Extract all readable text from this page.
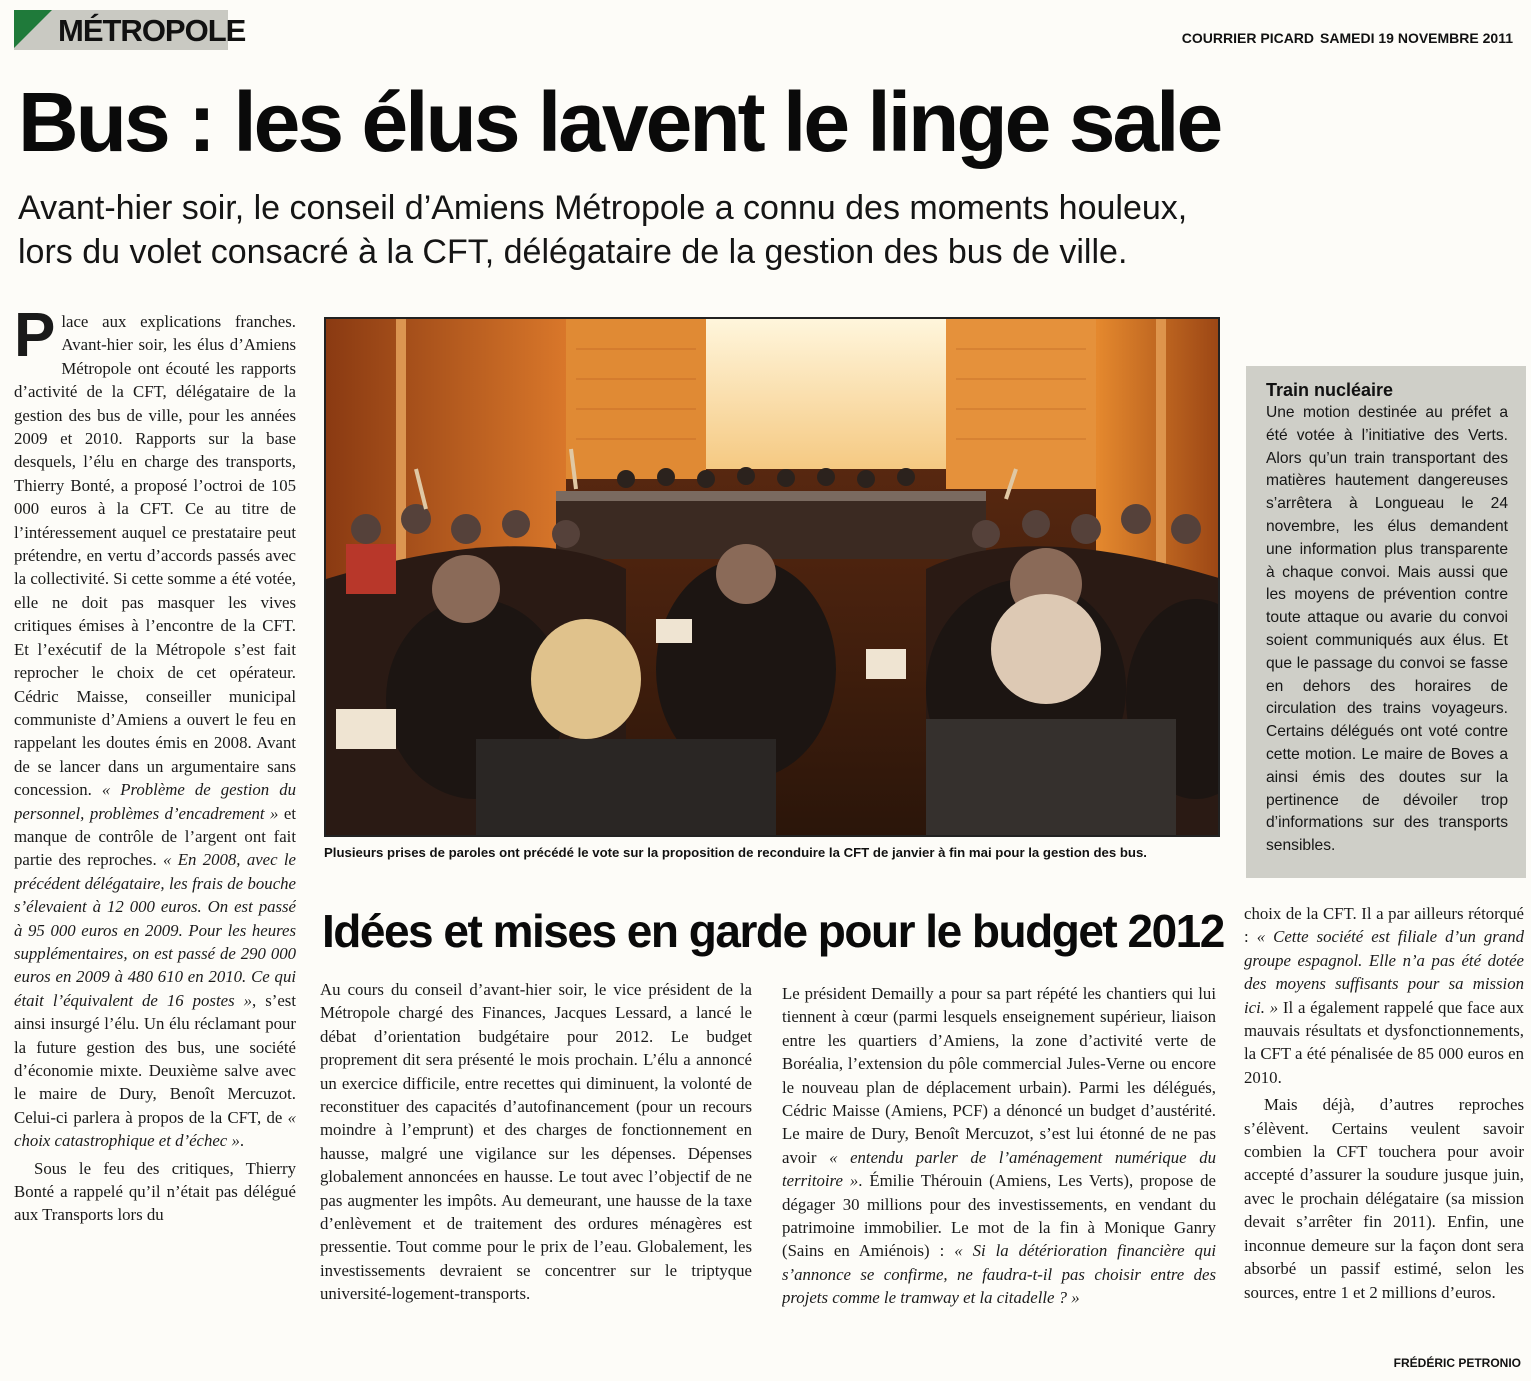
MÉTROPOLE	COURRIER PICARD SAMEDI 19 NOVEMBRE 2011
Bus : les élus lavent le linge sale
Avant-hier soir, le conseil d’Amiens Métropole a connu des moments houleux,
lors du volet consacré à la CFT, délégataire de la gestion des bus de ville.

Place aux explications franches. Avant-hier soir, les élus d’Amiens Métropole ont écouté les rapports d’activité de la CFT, délégataire de la gestion des bus de ville, pour les années 2009 et 2010. Rapports sur la base desquels, l’élu en charge des transports, Thierry Bonté, a proposé l’octroi de 105 000 euros à la CFT. Ce au titre de l’intéressement auquel ce prestataire peut prétendre, en vertu d’accords passés avec la collectivité. Si cette somme a été votée, elle ne doit pas masquer les vives critiques émises à l’encontre de la CFT. Et l’exécutif de la Métropole s’est fait reprocher le choix de cet opérateur. Cédric Maisse, conseiller municipal communiste d’Amiens a ouvert le feu en rappelant les doutes émis en 2008. Avant de se lancer dans un argumentaire sans concession. « Problème de gestion du personnel, problèmes d’encadrement » et manque de contrôle de l’argent ont fait partie des reproches. « En 2008, avec le précédent délégataire, les frais de bouche s’élevaient à 12 000 euros. On est passé à 95 000 euros en 2009. Pour les heures supplémentaires, on est passé de 290 000 euros en 2009 à 480 610 en 2010. Ce qui était l’équivalent de 16 postes », s’est ainsi insurgé l’élu. Un élu réclamant pour la future gestion des bus, une société d’économie mixte. Deuxième salve avec le maire de Dury, Benoît Mercuzot. Celui-ci parlera à propos de la CFT, de « choix catastrophique et d’échec ».

Sous le feu des critiques, Thierry Bonté a rappelé qu’il n’était pas délégué aux Transports lors du

Plusieurs prises de paroles ont précédé le vote sur la proposition de reconduire la CFT de janvier à fin mai pour la gestion des bus.
Train nucléaire
Une motion destinée au préfet a été votée à l’initiative des Verts. Alors qu’un train transportant des matières hautement dangereuses s’arrêtera à Longueau le 24 novembre, les élus demandent une information plus transparente à chaque convoi. Mais aussi que les moyens de prévention contre toute attaque ou avarie du convoi soient communiqués aux élus. Et que le passage du convoi se fasse en dehors des horaires de circulation des trains voyageurs. Certains délégués ont voté contre cette motion. Le maire de Boves a ainsi émis des doutes sur la pertinence de dévoiler trop d’informations sur des transports sensibles.
Idées et mises en garde pour le budget 2012

Au cours du conseil d’avant-hier soir, le vice président de la Métropole chargé des Finances, Jacques Lessard, a lancé le débat d’orientation budgétaire pour 2012. Le budget proprement dit sera présenté le mois prochain. L’élu a annoncé un exercice difficile, entre recettes qui diminuent, la volonté de reconstituer des capacités d’autofinancement (pour un recours moindre à l’emprunt) et des charges de fonctionnement en hausse, malgré une vigilance sur les dépenses. Dépenses globalement annoncées en hausse. Le tout avec l’objectif de ne pas augmenter les impôts. Au demeurant, une hausse de la taxe d’enlèvement et de traitement des ordures ménagères est pressentie. Tout comme pour le prix de l’eau. Globalement, les investissements devraient se concentrer sur le triptyque université-logement-transports.

Le président Demailly a pour sa part répété les chantiers qui lui tiennent à cœur (parmi lesquels enseignement supérieur, liaison entre les quartiers d’Amiens, la zone d’activité verte de Boréalia, l’extension du pôle commercial Jules-Verne ou encore le nouveau plan de déplacement urbain). Parmi les délégués, Cédric Maisse (Amiens, PCF) a dénoncé un budget d’austérité. Le maire de Dury, Benoît Mercuzot, s’est lui étonné de ne pas avoir « entendu parler de l’aménagement numérique du territoire ». Émilie Thérouin (Amiens, Les Verts), propose de dégager 30 millions pour des investissements, en vendant du patrimoine immobilier. Le mot de la fin à Monique Ganry (Sains en Amiénois) : « Si la détérioration financière qui s’annonce se confirme, ne faudra-t-il pas choisir entre des projets comme le tramway et la citadelle ? »

choix de la CFT. Il a par ailleurs rétorqué : « Cette société est filiale d’un grand groupe espagnol. Elle n’a pas été dotée des moyens suffisants pour sa mission ici. » Il a également rappelé que face aux mauvais résultats et dysfonctionnements, la CFT a été pénalisée de 85 000 euros en 2010.

Mais déjà, d’autres reproches s’élèvent. Certains veulent savoir combien la CFT touchera pour avoir accepté d’assurer la soudure jusque juin, avec le prochain délégataire (sa mission devait s’arrêter fin 2011). Enfin, une inconnue demeure sur la façon dont sera absorbé un passif estimé, selon les sources, entre 1 et 2 millions d’euros.

FRÉDÉRIC PETRONIO
